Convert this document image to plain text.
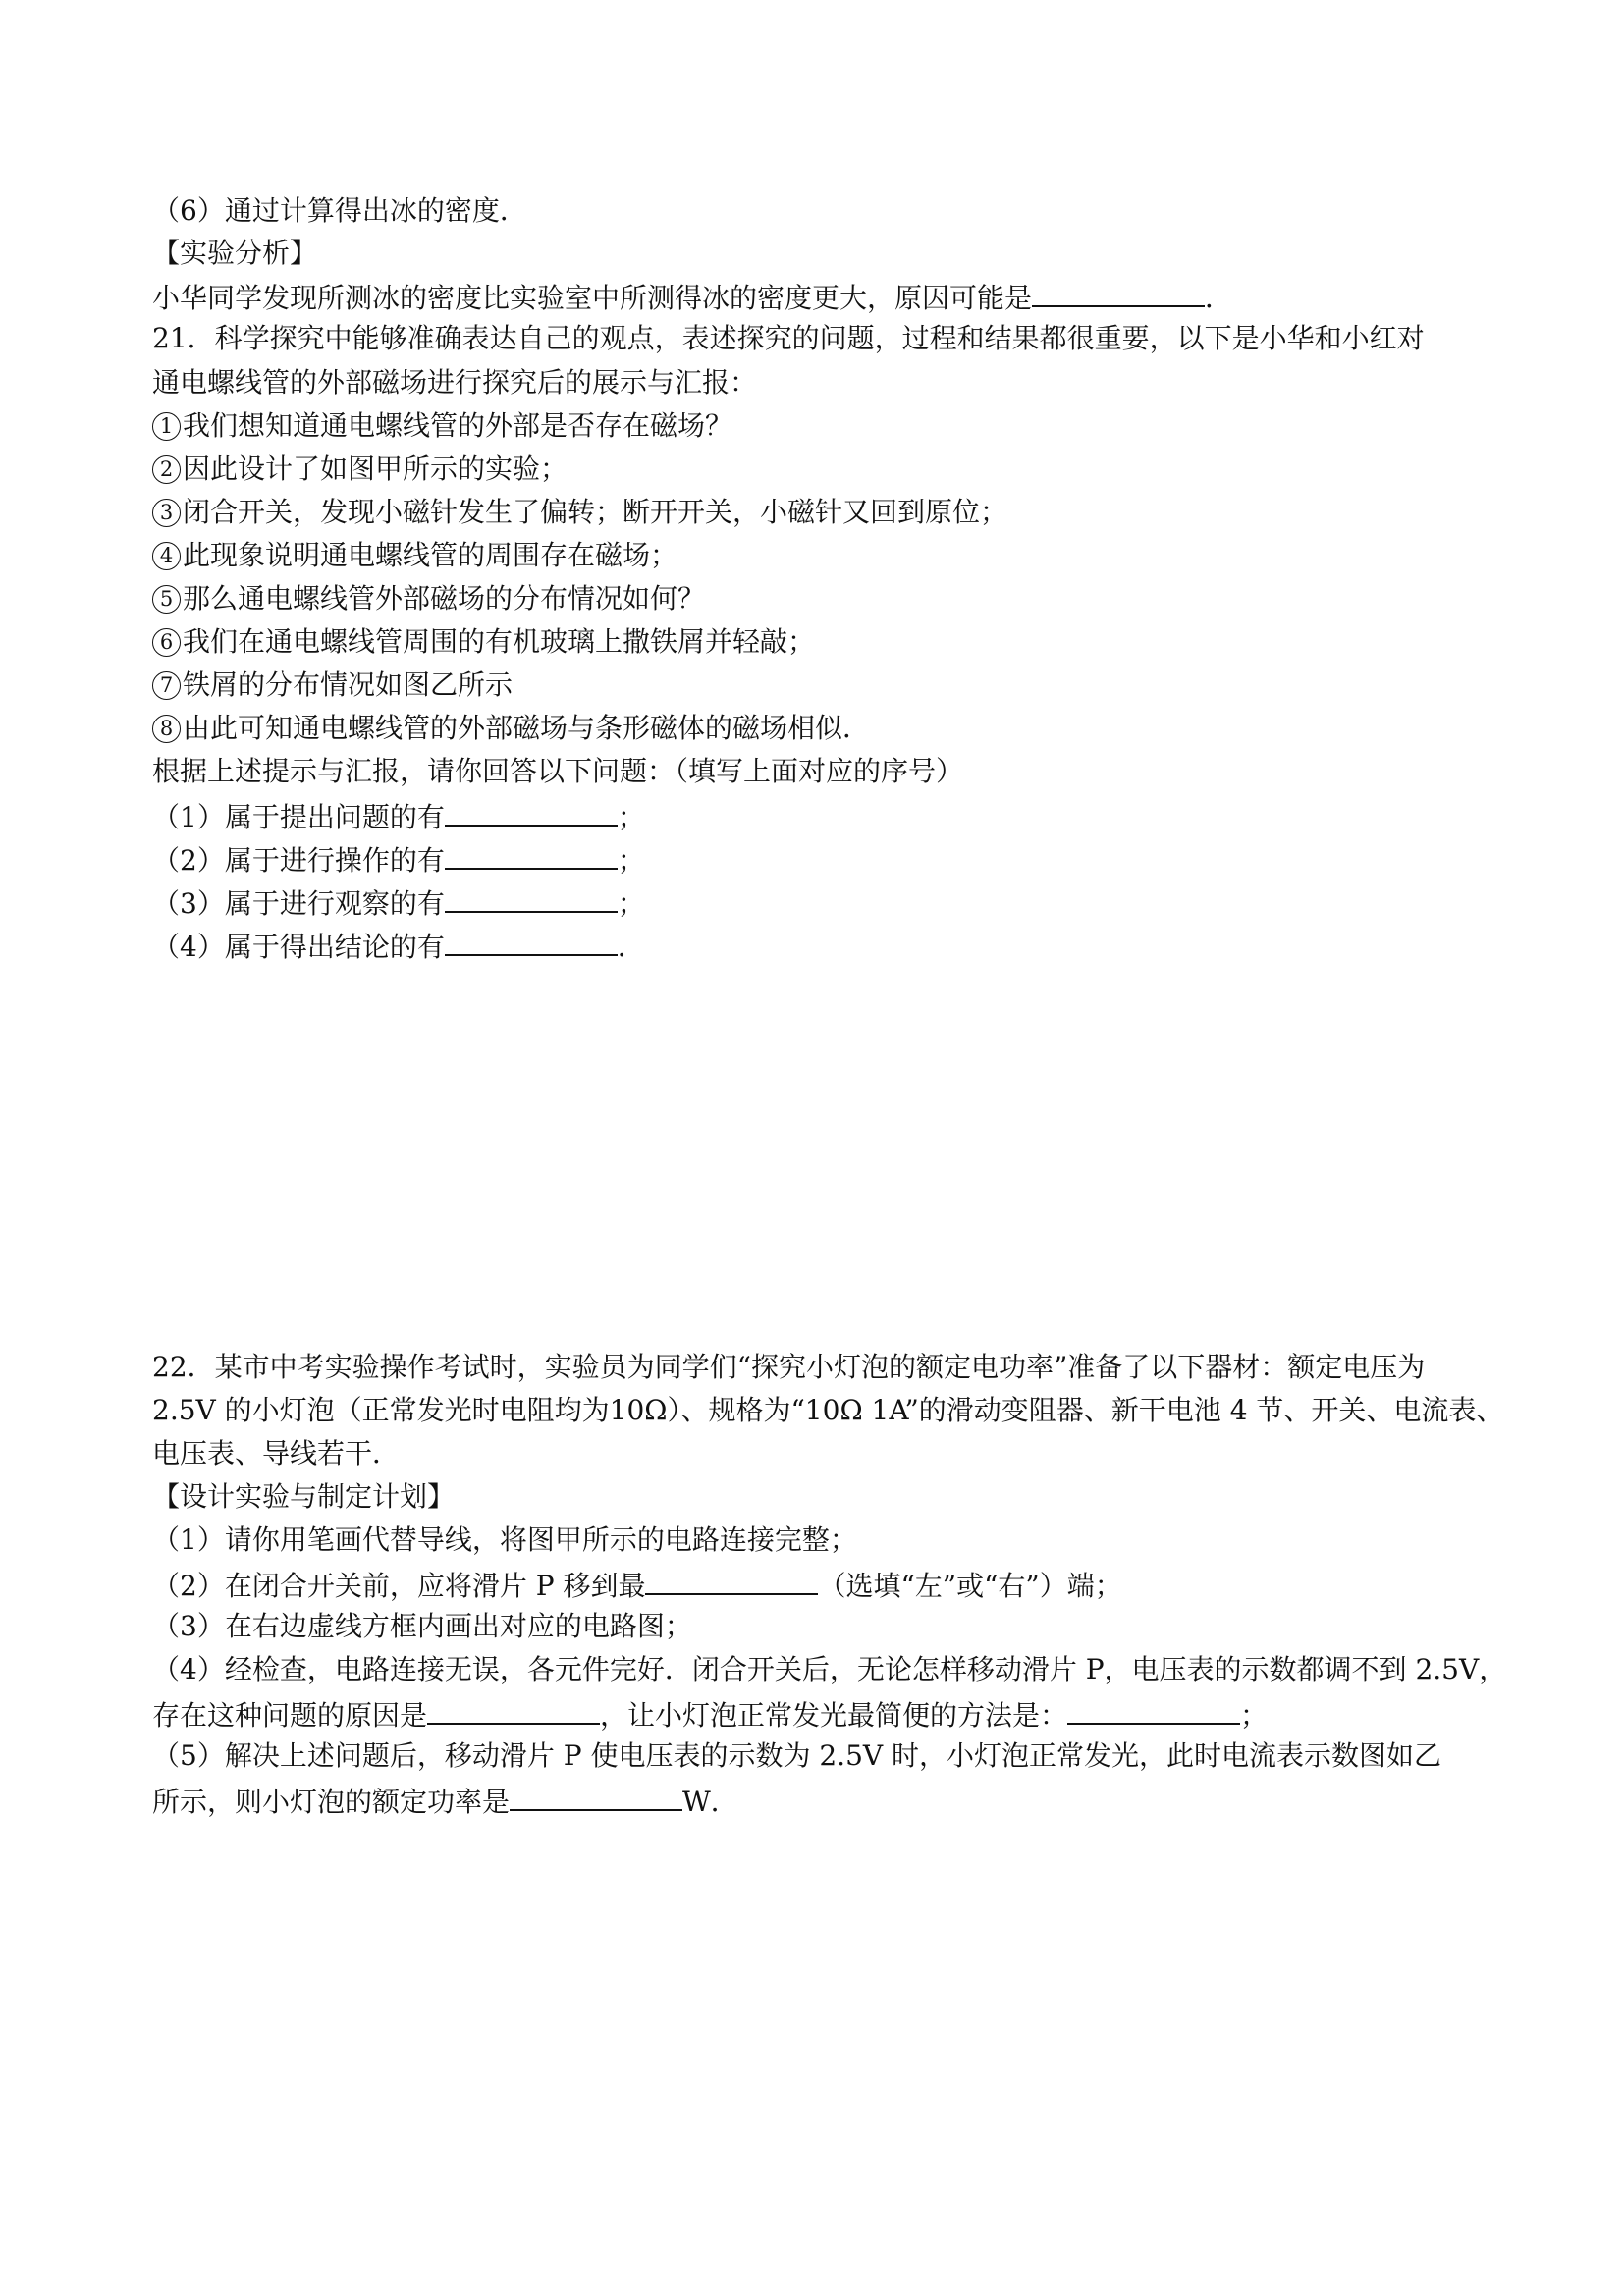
（6）通过计算得出冰的密度．
【实验分析】
小华同学发现所测冰的密度比实验室中所测得冰的密度更大，原因可能是	．
21．科学探究中能够准确表达自己的观点，表述探究的问题，过程和结果都很重要，以下是小华和小红对
通电螺线管的外部磁场进行探究后的展示与汇报：
1 我们想知道通电螺线管的外部是否存在磁场？
2 因此设计了如图甲所示的实验；
3 闭合开关，发现小磁针发生了偏转；断开开关，小磁针又回到原位；
4 此现象说明通电螺线管的周围存在磁场；
5 那么通电螺线管外部磁场的分布情况如何？
6 我们在通电螺线管周围的有机玻璃上撒铁屑并轻敲；
7 铁屑的分布情况如图乙所示
8 由此可知通电螺线管的外部磁场与条形磁体的磁场相似．
根据上述提示与汇报，请你回答以下问题：（填写上面对应的序号）
（1）属于提出问题的有	；
（2）属于进行操作的有	；
（3）属于进行观察的有	；
（4）属于得出结论的有	．
22．某市中考实验操作考试时，实验员为同学们“探究小灯泡的额定电功率”准备了以下器材：额定电压为
2.5V 的小灯泡（正常发光时电阻均为10Ω）、规格为“10Ω 1A”的滑动变阻器、新干电池 4 节、开关、电流表、
电压表、导线若干．
【设计实验与制定计划】
（1）请你用笔画代替导线，将图甲所示的电路连接完整；
（2）在闭合开关前，应将滑片 P 移到最	（选填“左”或“右”）端；
（3）在右边虚线方框内画出对应的电路图；
（4）经检查，电路连接无误，各元件完好．闭合开关后，无论怎样移动滑片 P，电压表的示数都调不到 2.5V，
存在这种问题的原因是	，让小灯泡正常发光最简便的方法是：	；
（5）解决上述问题后，移动滑片 P 使电压表的示数为 2.5V 时，小灯泡正常发光，此时电流表示数图如乙
所示，则小灯泡的额定功率是	W．
